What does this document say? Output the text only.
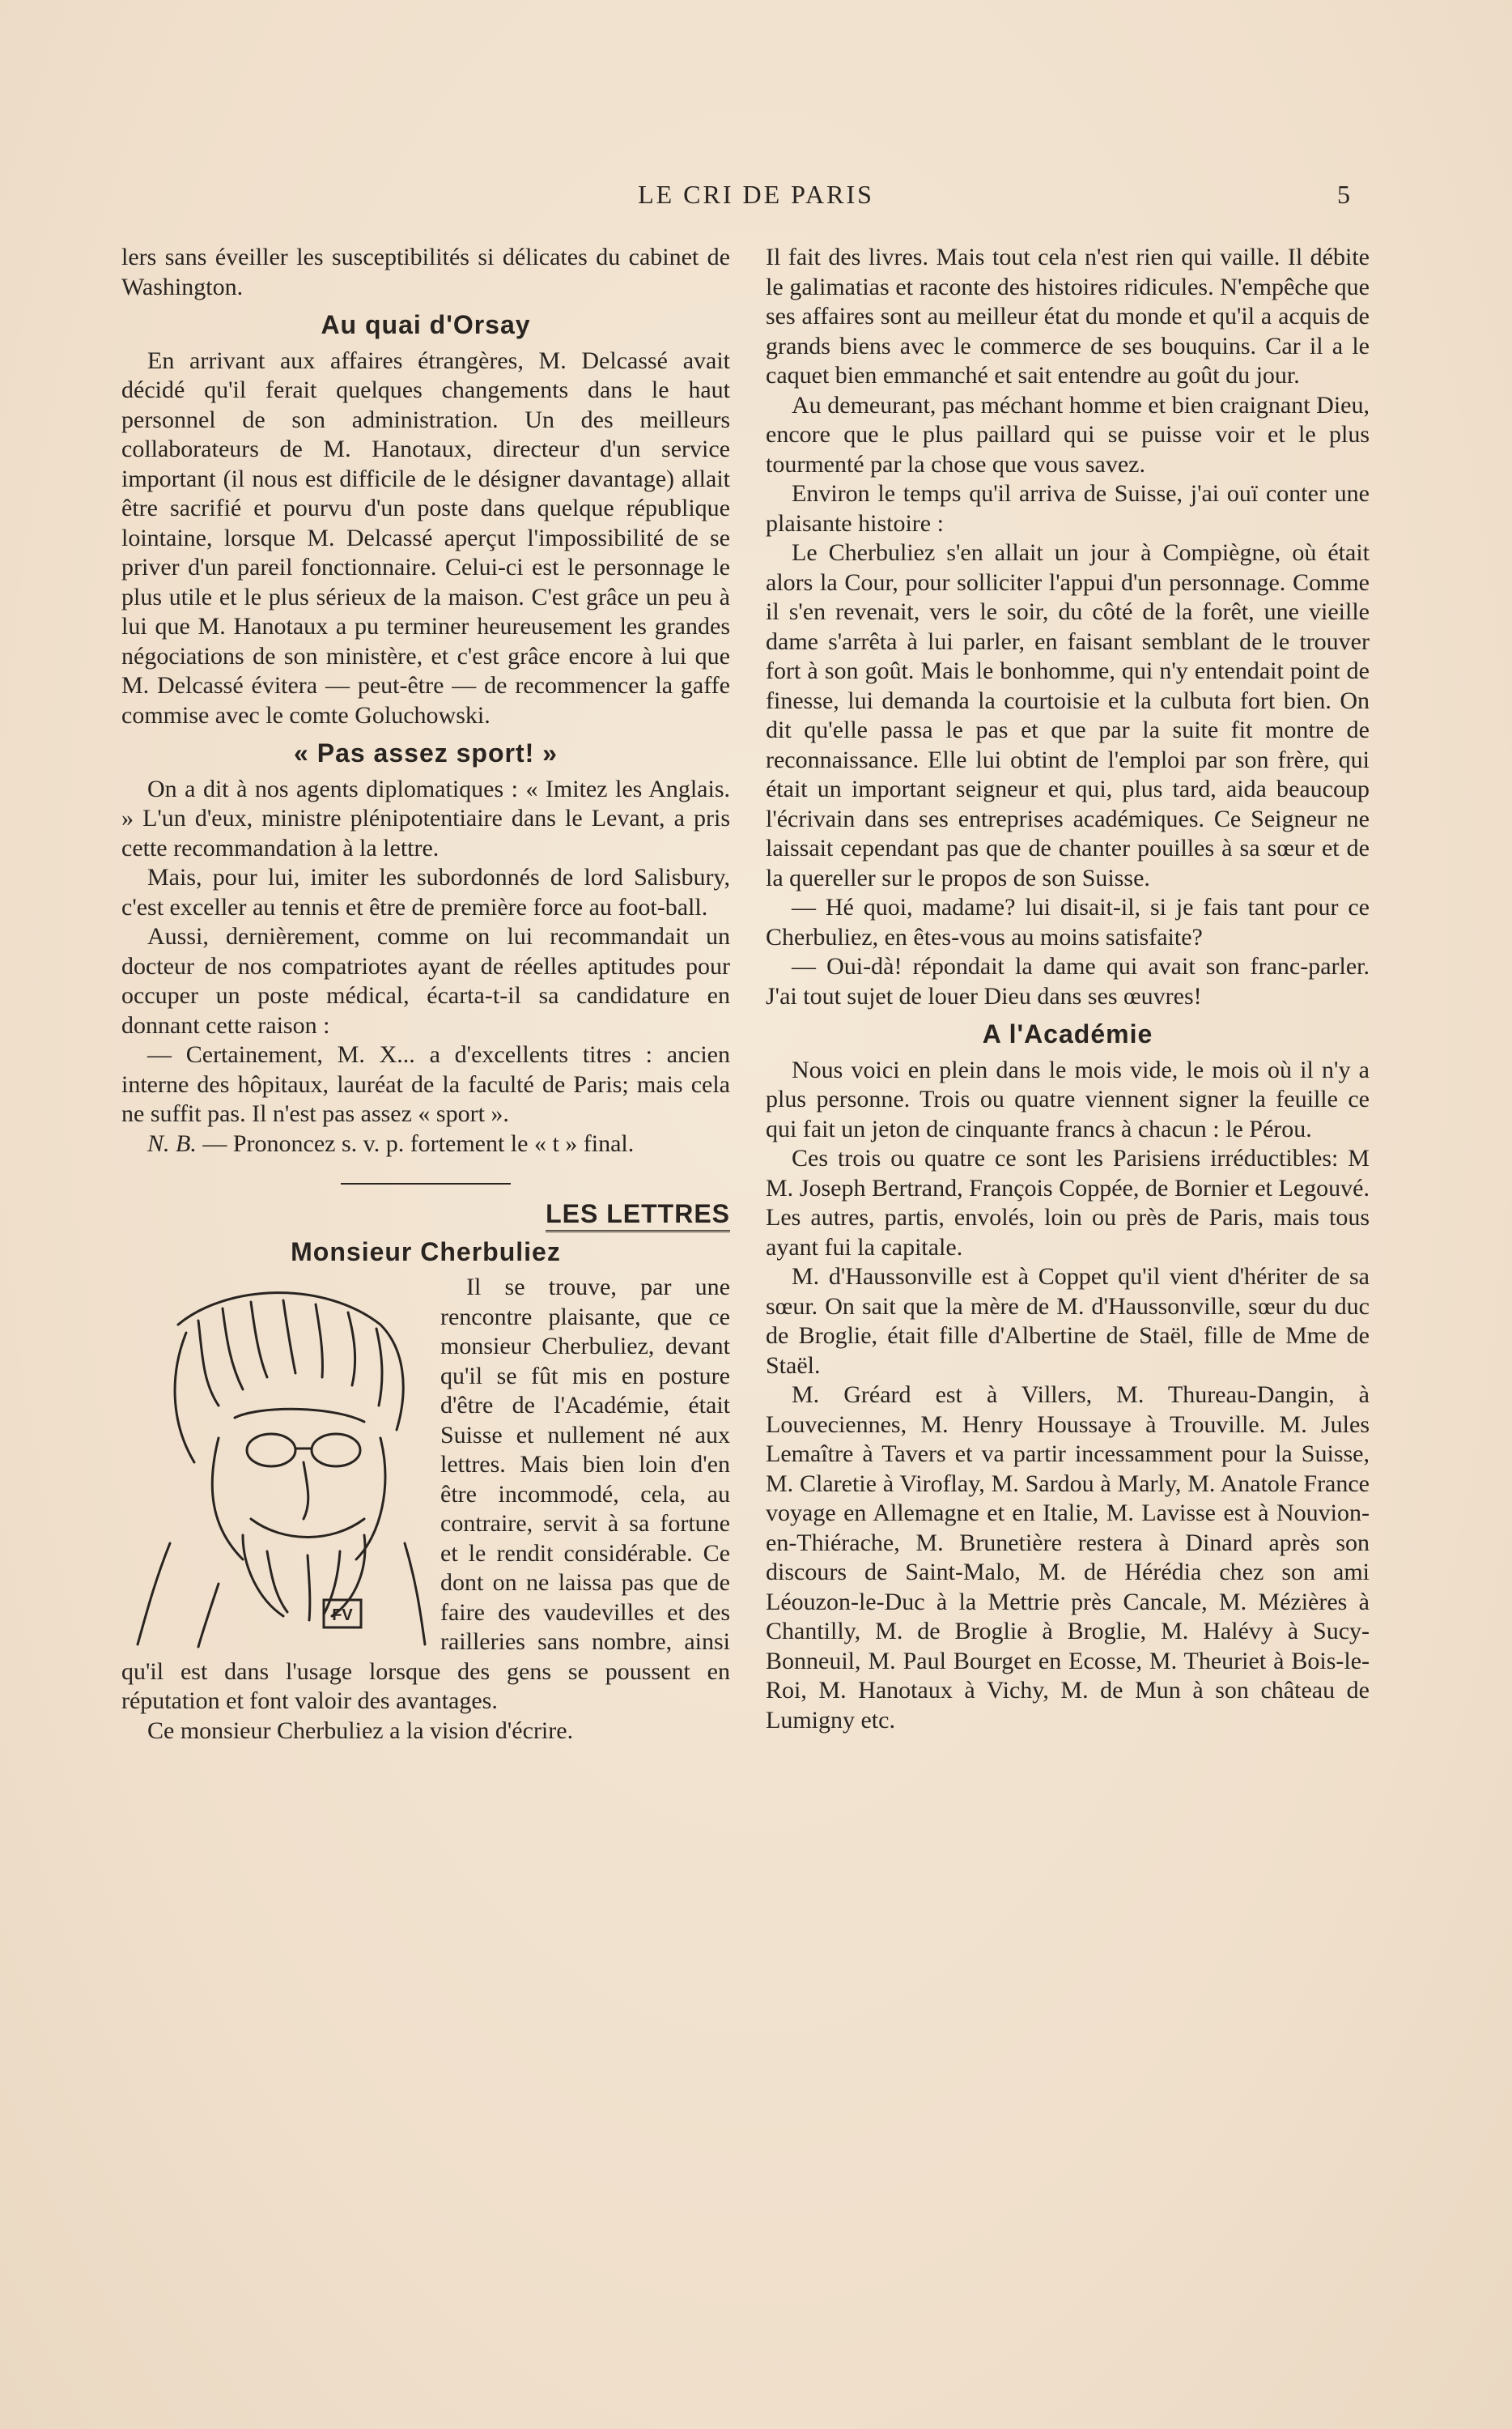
LE CRI DE PARIS	5

lers sans éveiller les susceptibilités si délicates du cabinet de Washington.

Au quai d'Orsay

En arrivant aux affaires étrangères, M. Delcassé avait décidé qu'il ferait quelques changements dans le haut personnel de son administration. Un des meilleurs collaborateurs de M. Hanotaux, directeur d'un service important (il nous est difficile de le désigner davantage) allait être sacrifié et pourvu d'un poste dans quelque république lointaine, lorsque M. Delcassé aperçut l'impossibilité de se priver d'un pareil fonctionnaire. Celui-ci est le personnage le plus utile et le plus sérieux de la maison. C'est grâce un peu à lui que M. Hanotaux a pu terminer heureusement les grandes négociations de son ministère, et c'est grâce encore à lui que M. Delcassé évitera — peut-être — de recommencer la gaffe commise avec le comte Goluchowski.

« Pas assez sport! »

On a dit à nos agents diplomatiques : « Imitez les Anglais. » L'un d'eux, ministre plénipotentiaire dans le Levant, a pris cette recommandation à la lettre.

Mais, pour lui, imiter les subordonnés de lord Salisbury, c'est exceller au tennis et être de première force au foot-ball.

Aussi, dernièrement, comme on lui recommandait un docteur de nos compatriotes ayant de réelles aptitudes pour occuper un poste médical, écarta-t-il sa candidature en donnant cette raison :

— Certainement, M. X... a d'excellents titres : ancien interne des hôpitaux, lauréat de la faculté de Paris; mais cela ne suffit pas. Il n'est pas assez « sport ».

N. B. — Prononcez s. v. p. fortement le « t » final.

LES LETTRES
Monsieur Cherbuliez
FV

Il se trouve, par une rencontre plaisante, que ce monsieur Cherbuliez, devant qu'il se fût mis en posture d'être de l'Académie, était Suisse et nullement né aux lettres. Mais bien loin d'en être incommodé, cela, au contraire, servit à sa fortune et le rendit considérable. Ce dont on ne laissa pas que de faire des vaudevilles et des railleries sans nombre, ainsi qu'il est dans l'usage lorsque des gens se poussent en réputation et font valoir des avantages.

Ce monsieur Cherbuliez a la vision d'écrire.

Il fait des livres. Mais tout cela n'est rien qui vaille. Il débite le galimatias et raconte des histoires ridicules. N'empêche que ses affaires sont au meilleur état du monde et qu'il a acquis de grands biens avec le commerce de ses bouquins. Car il a le caquet bien emmanché et sait entendre au goût du jour.

Au demeurant, pas méchant homme et bien craignant Dieu, encore que le plus paillard qui se puisse voir et le plus tourmenté par la chose que vous savez.

Environ le temps qu'il arriva de Suisse, j'ai ouï conter une plaisante histoire :

Le Cherbuliez s'en allait un jour à Compiègne, où était alors la Cour, pour solliciter l'appui d'un personnage. Comme il s'en revenait, vers le soir, du côté de la forêt, une vieille dame s'arrêta à lui parler, en faisant semblant de le trouver fort à son goût. Mais le bonhomme, qui n'y entendait point de finesse, lui demanda la courtoisie et la culbuta fort bien. On dit qu'elle passa le pas et que par la suite fit montre de reconnaissance. Elle lui obtint de l'emploi par son frère, qui était un important seigneur et qui, plus tard, aida beaucoup l'écrivain dans ses entreprises académiques. Ce Seigneur ne laissait cependant pas que de chanter pouilles à sa sœur et de la quereller sur le propos de son Suisse.

— Hé quoi, madame? lui disait-il, si je fais tant pour ce Cherbuliez, en êtes-vous au moins satisfaite?

— Oui-dà! répondait la dame qui avait son franc-parler. J'ai tout sujet de louer Dieu dans ses œuvres!

A l'Académie

Nous voici en plein dans le mois vide, le mois où il n'y a plus personne. Trois ou quatre viennent signer la feuille ce qui fait un jeton de cinquante francs à chacun : le Pérou.

Ces trois ou quatre ce sont les Parisiens irréductibles: M M. Joseph Bertrand, François Coppée, de Bornier et Legouvé. Les autres, partis, envolés, loin ou près de Paris, mais tous ayant fui la capitale.

M. d'Haussonville est à Coppet qu'il vient d'hériter de sa sœur. On sait que la mère de M. d'Haussonville, sœur du duc de Broglie, était fille d'Albertine de Staël, fille de Mme de Staël.

M. Gréard est à Villers, M. Thureau-Dangin, à Louveciennes, M. Henry Houssaye à Trouville. M. Jules Lemaître à Tavers et va partir incessamment pour la Suisse, M. Claretie à Viroflay, M. Sardou à Marly, M. Anatole France voyage en Allemagne et en Italie, M. Lavisse est à Nouvion-en-Thiérache, M. Brunetière restera à Dinard après son discours de Saint-Malo, M. de Hérédia chez son ami Léouzon-le-Duc à la Mettrie près Cancale, M. Mézières à Chantilly, M. de Broglie à Broglie, M. Halévy à Sucy-Bonneuil, M. Paul Bourget en Ecosse, M. Theuriet à Bois-le-Roi, M. Hanotaux à Vichy, M. de Mun à son château de Lumigny etc.
